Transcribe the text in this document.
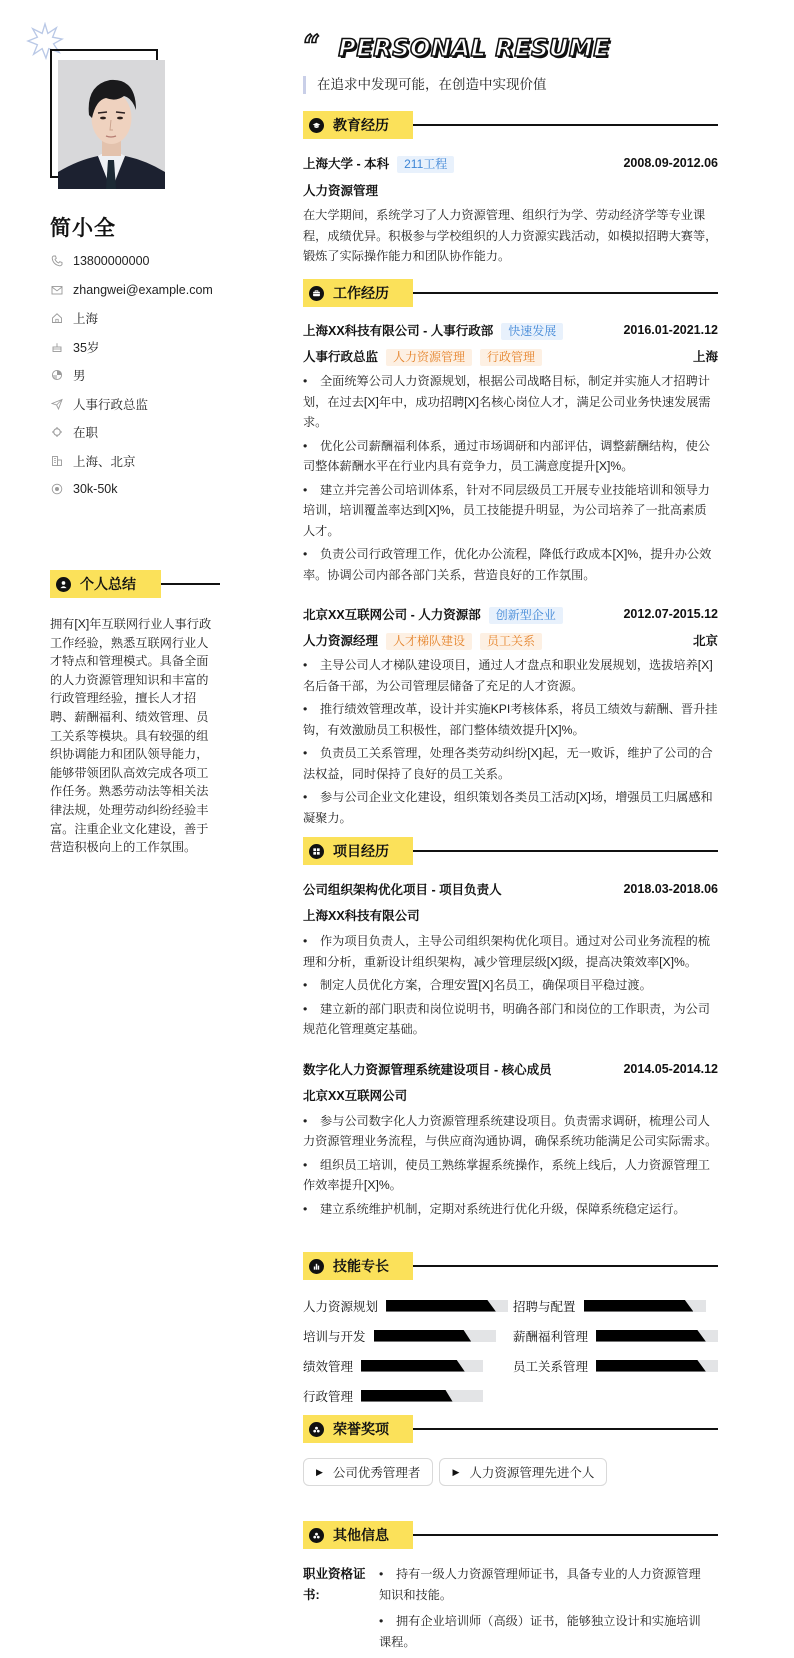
简小全
13800000000
zhangwei@example.com
上海
35岁
男
人事行政总监
在职
上海、北京
30k-50k
个人总结
拥有[X]年互联网行业人事行政工作经验，熟悉互联网行业人才特点和管理模式。具备全面的人力资源管理知识和丰富的行政管理经验，擅长人才招聘、薪酬福利、绩效管理、员工关系等模块。具有较强的组织协调能力和团队领导能力，能够带领团队高效完成各项工作任务。熟悉劳动法等相关法律法规，处理劳动纠纷经验丰富。注重企业文化建设，善于营造积极向上的工作氛围。
“ PERSONAL RESUME
在追求中发现可能，在创造中实现价值
教育经历
上海大学 - 本科 211工程	2008.09-2012.06
人力资源管理
在大学期间，系统学习了人力资源管理、组织行为学、劳动经济学等专业课程，成绩优异。积极参与学校组织的人力资源实践活动，如模拟招聘大赛等，锻炼了实际操作能力和团队协作能力。
工作经历
上海XX科技有限公司 - 人事行政部 快速发展	2016.01-2021.12
人事行政总监 人力资源管理 行政管理	上海
• 全面统筹公司人力资源规划，根据公司战略目标，制定并实施人才招聘计划，在过去[X]年中，成功招聘[X]名核心岗位人才，满足公司业务快速发展需求。
• 优化公司薪酬福利体系，通过市场调研和内部评估，调整薪酬结构，使公司整体薪酬水平在行业内具有竞争力，员工满意度提升[X]%。
• 建立并完善公司培训体系，针对不同层级员工开展专业技能培训和领导力培训，培训覆盖率达到[X]%，员工技能提升明显，为公司培养了一批高素质人才。
• 负责公司行政管理工作，优化办公流程，降低行政成本[X]%，提升办公效率。协调公司内部各部门关系，营造良好的工作氛围。
北京XX互联网公司 - 人力资源部 创新型企业	2012.07-2015.12
人力资源经理 人才梯队建设 员工关系	北京
• 主导公司人才梯队建设项目，通过人才盘点和职业发展规划，选拔培养[X]名后备干部，为公司管理层储备了充足的人才资源。
• 推行绩效管理改革，设计并实施KPI考核体系，将员工绩效与薪酬、晋升挂钩，有效激励员工积极性，部门整体绩效提升[X]%。
• 负责员工关系管理，处理各类劳动纠纷[X]起，无一败诉，维护了公司的合法权益，同时保持了良好的员工关系。
• 参与公司企业文化建设，组织策划各类员工活动[X]场，增强员工归属感和凝聚力。
项目经历
公司组织架构优化项目 - 项目负责人	2018.03-2018.06
上海XX科技有限公司
• 作为项目负责人，主导公司组织架构优化项目。通过对公司业务流程的梳理和分析，重新设计组织架构，减少管理层级[X]级，提高决策效率[X]%。
• 制定人员优化方案，合理安置[X]名员工，确保项目平稳过渡。
• 建立新的部门职责和岗位说明书，明确各部门和岗位的工作职责，为公司规范化管理奠定基础。
数字化人力资源管理系统建设项目 - 核心成员	2014.05-2014.12
北京XX互联网公司
• 参与公司数字化人力资源管理系统建设项目。负责需求调研，梳理公司人力资源管理业务流程，与供应商沟通协调，确保系统功能满足公司实际需求。
• 组织员工培训，使员工熟练掌握系统操作，系统上线后，人力资源管理工作效率提升[X]%。
• 建立系统维护机制，定期对系统进行优化升级，保障系统稳定运行。
技能专长
人力资源规划	招聘与配置
培训与开发	薪酬福利管理
绩效管理	员工关系管理
行政管理
荣誉奖项
▶ 公司优秀管理者	▶ 人力资源管理先进个人
其他信息
职业资格证书:
• 持有一级人力资源管理师证书，具备专业的人力资源管理知识和技能。
• 拥有企业培训师（高级）证书，能够独立设计和实施培训课程。
